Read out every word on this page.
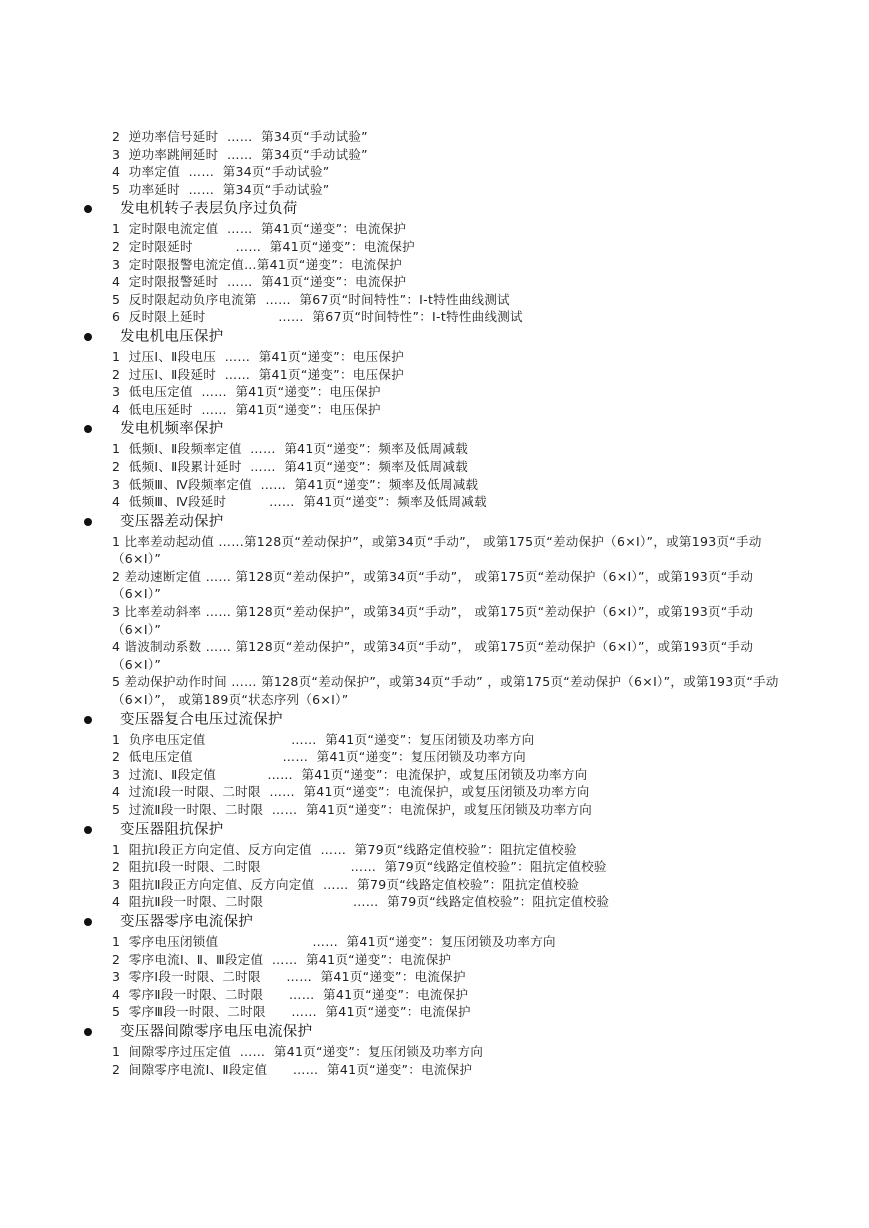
2  逆功率信号延时  ……  第34页“手动试验”
3  逆功率跳闸延时  ……  第34页“手动试验”
4  功率定值  ……  第34页“手动试验”
5  功率延时  ……  第34页“手动试验”
发电机转子表层负序过负荷
1  定时限电流定值  ……  第41页“递变”：电流保护
2  定时限延时          ……  第41页“递变”：电流保护
3  定时限报警电流定值…第41页“递变”：电流保护
4  定时限报警延时  ……  第41页“递变”：电流保护
5  反时限起动负序电流第  ……  第67页“时间特性”：I-t特性曲线测试
6  反时限上延时                 ……  第67页“时间特性”：I-t特性曲线测试
发电机电压保护
1  过压Ⅰ、Ⅱ段电压  ……  第41页“递变”：电压保护
2  过压Ⅰ、Ⅱ段延时  ……  第41页“递变”：电压保护
3  低电压定值  ……  第41页“递变”：电压保护
4  低电压延时  ……  第41页“递变”：电压保护
发电机频率保护
1  低频Ⅰ、Ⅱ段频率定值  ……  第41页“递变”：频率及低周减载
2  低频Ⅰ、Ⅱ段累计延时  ……  第41页“递变”：频率及低周减载
3  低频Ⅲ、Ⅳ段频率定值  ……  第41页“递变”：频率及低周减载
4  低频Ⅲ、Ⅳ段延时          ……  第41页“递变”：频率及低周减载
变压器差动保护
1 比率差动起动值 ……第128页“差动保护”，或第34页“手动”， 或第175页“差动保护（6×I）”，或第193页“手动（6×I）”
2 差动速断定值 …… 第128页“差动保护”，或第34页“手动”， 或第175页“差动保护（6×I）”，或第193页“手动（6×I）”
3 比率差动斜率 …… 第128页“差动保护”，或第34页“手动”， 或第175页“差动保护（6×I）”，或第193页“手动（6×I）”
4 谐波制动系数 …… 第128页“差动保护”，或第34页“手动”， 或第175页“差动保护（6×I）”，或第193页“手动（6×I）”
5 差动保护动作时间 …… 第128页“差动保护”，或第34页“手动” ，或第175页“差动保护（6×I）”，或第193页“手动（6×I）”， 或第189页“状态序列（6×I）”
变压器复合电压过流保护
1  负序电压定值                    ……  第41页“递变”：复压闭锁及功率方向
2  低电压定值                     ……  第41页“递变”：复压闭锁及功率方向
3  过流Ⅰ、Ⅱ段定值            ……  第41页“递变”：电流保护，或复压闭锁及功率方向
4  过流Ⅰ段一时限、二时限  ……  第41页“递变”：电流保护，或复压闭锁及功率方向
5  过流Ⅱ段一时限、二时限  ……  第41页“递变”：电流保护，或复压闭锁及功率方向
变压器阻抗保护
1  阻抗Ⅰ段正方向定值、反方向定值  ……  第79页“线路定值校验”：阻抗定值校验
2  阻抗Ⅰ段一时限、二时限                     ……  第79页“线路定值校验”：阻抗定值校验
3  阻抗Ⅱ段正方向定值、反方向定值  ……  第79页“线路定值校验”：阻抗定值校验
4  阻抗Ⅱ段一时限、二时限                     ……  第79页“线路定值校验”：阻抗定值校验
变压器零序电流保护
1  零序电压闭锁值                      ……  第41页“递变”：复压闭锁及功率方向
2  零序电流Ⅰ、Ⅱ、Ⅲ段定值  ……  第41页“递变”：电流保护
3  零序Ⅰ段一时限、二时限      ……  第41页“递变”：电流保护
4  零序Ⅱ段一时限、二时限      ……  第41页“递变”：电流保护
5  零序Ⅲ段一时限、二时限      ……  第41页“递变”：电流保护
变压器间隙零序电压电流保护
1  间隙零序过压定值  ……  第41页“递变”：复压闭锁及功率方向
2  间隙零序电流Ⅰ、Ⅱ段定值      ……  第41页“递变”：电流保护
